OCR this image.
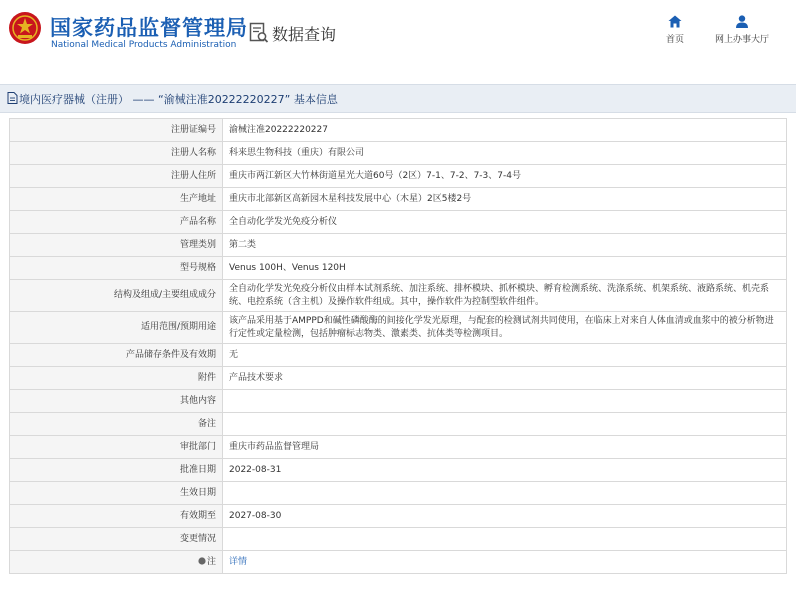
国家药品监督管理局
National Medical Products Administration
数据查询	首页	网上办事大厅
境内医疗器械（注册） —— “渝械注准20222220227” 基本信息
注册证编号	渝械注准20222220227
注册人名称	科来思生物科技（重庆）有限公司
注册人住所	重庆市两江新区大竹林街道星光大道60号（2区）7-1、7-2、7-3、7-4号
生产地址	重庆市北部新区高新园木星科技发展中心（木星）2区5楼2号
产品名称	全自动化学发光免疫分析仪
管理类别	第二类
型号规格	Venus 100H、Venus 120H
结构及组成/主要组成成分	全自动化学发光免疫分析仪由样本试剂系统、加注系统、排杯模块、抓杯模块、孵育检测系统、洗涤系统、机架系统、液路系统、机壳系统、电控系统（含主机）及操作软件组成。其中，操作软件为控制型软件组件。
适用范围/预期用途	该产品采用基于AMPPD和碱性磷酸酶的间接化学发光原理，与配套的检测试剂共同使用，在临床上对来自人体血清或血浆中的被分析物进行定性或定量检测，包括肿瘤标志物类、激素类、抗体类等检测项目。
产品储存条件及有效期	无
附件	产品技术要求
其他内容	
备注	
审批部门	重庆市药品监督管理局
批准日期	2022-08-31
生效日期	
有效期至	2027-08-30
变更情况	
注	详情
